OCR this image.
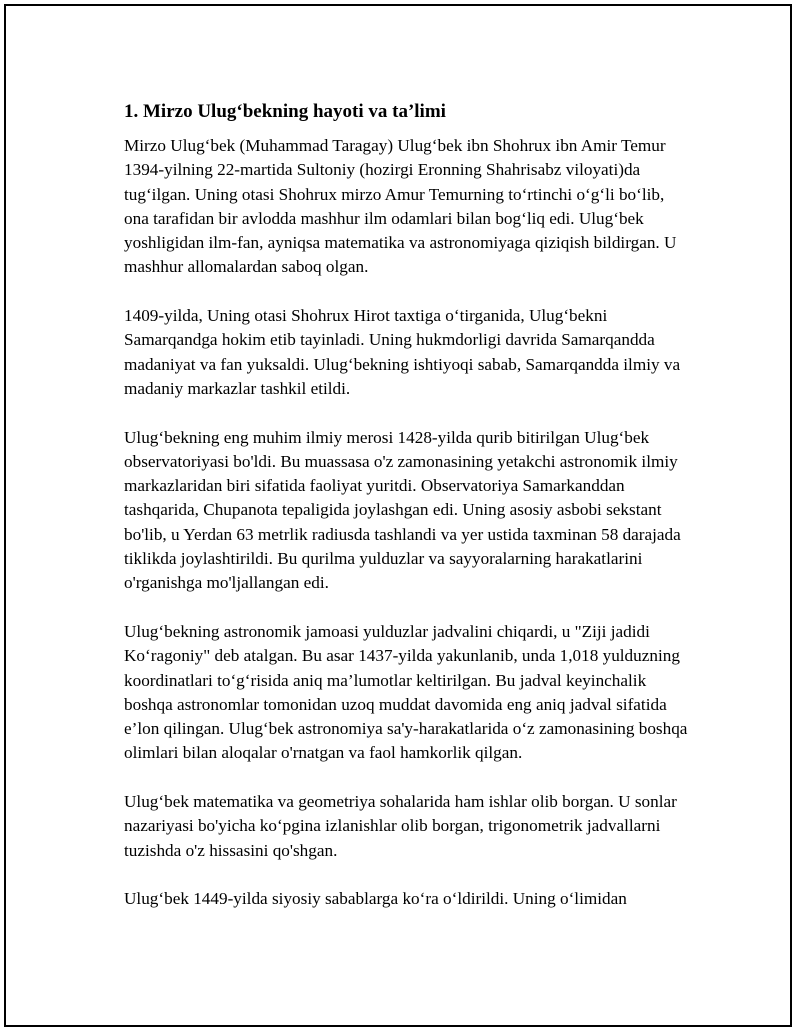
1. Mirzo Ulug‘bekning hayoti va ta’limi

Mirzo Ulug‘bek (Muhammad Taragay) Ulug‘bek ibn Shohrux ibn Amir Temur 1394-yilning 22-martida Sultoniy (hozirgi Eronning Shahrisabz viloyati)da tug‘ilgan. Uning otasi Shohrux mirzo Amur Temurning to‘rtinchi o‘g‘li bo‘lib, ona tarafidan bir avlodda mashhur ilm odamlari bilan bog‘liq edi. Ulug‘bek yoshligidan ilm-fan, ayniqsa matematika va astronomiyaga qiziqish bildirgan. U mashhur allomalardan saboq olgan.

1409-yilda, Uning otasi Shohrux Hirot taxtiga o‘tirganida, Ulug‘bekni Samarqandga hokim etib tayinladi. Uning hukmdorligi davrida Samarqandda madaniyat va fan yuksaldi. Ulug‘bekning ishtiyoqi sabab, Samarqandda ilmiy va madaniy markazlar tashkil etildi.

Ulug‘bekning eng muhim ilmiy merosi 1428-yilda qurib bitirilgan Ulug‘bek observatoriyasi bo'ldi. Bu muassasa o'z zamonasining yetakchi astronomik ilmiy markazlaridan biri sifatida faoliyat yuritdi. Observatoriya Samarkanddan tashqarida, Chupanota tepaligida joylashgan edi. Uning asosiy asbobi sekstant bo'lib, u Yerdan 63 metrlik radiusda tashlandi va yer ustida taxminan 58 darajada tiklikda joylashtirildi. Bu qurilma yulduzlar va sayyoralarning harakatlarini o'rganishga mo'ljallangan edi.

Ulug‘bekning astronomik jamoasi yulduzlar jadvalini chiqardi, u "Ziji jadidi Ko‘ragoniy" deb atalgan. Bu asar 1437-yilda yakunlanib, unda 1,018 yulduzning koordinatlari to‘g‘risida aniq ma’lumotlar keltirilgan. Bu jadval keyinchalik boshqa astronomlar tomonidan uzoq muddat davomida eng aniq jadval sifatida e’lon qilingan. Ulug‘bek astronomiya sa'y-harakatlarida o‘z zamonasining boshqa olimlari bilan aloqalar o'rnatgan va faol hamkorlik qilgan.

Ulug‘bek matematika va geometriya sohalarida ham ishlar olib borgan. U sonlar nazariyasi bo'yicha ko‘pgina izlanishlar olib borgan, trigonometrik jadvallarni tuzishda o'z hissasini qo'shgan.

Ulug‘bek 1449-yilda siyosiy sabablarga ko‘ra o‘ldirildi. Uning o‘limidan
